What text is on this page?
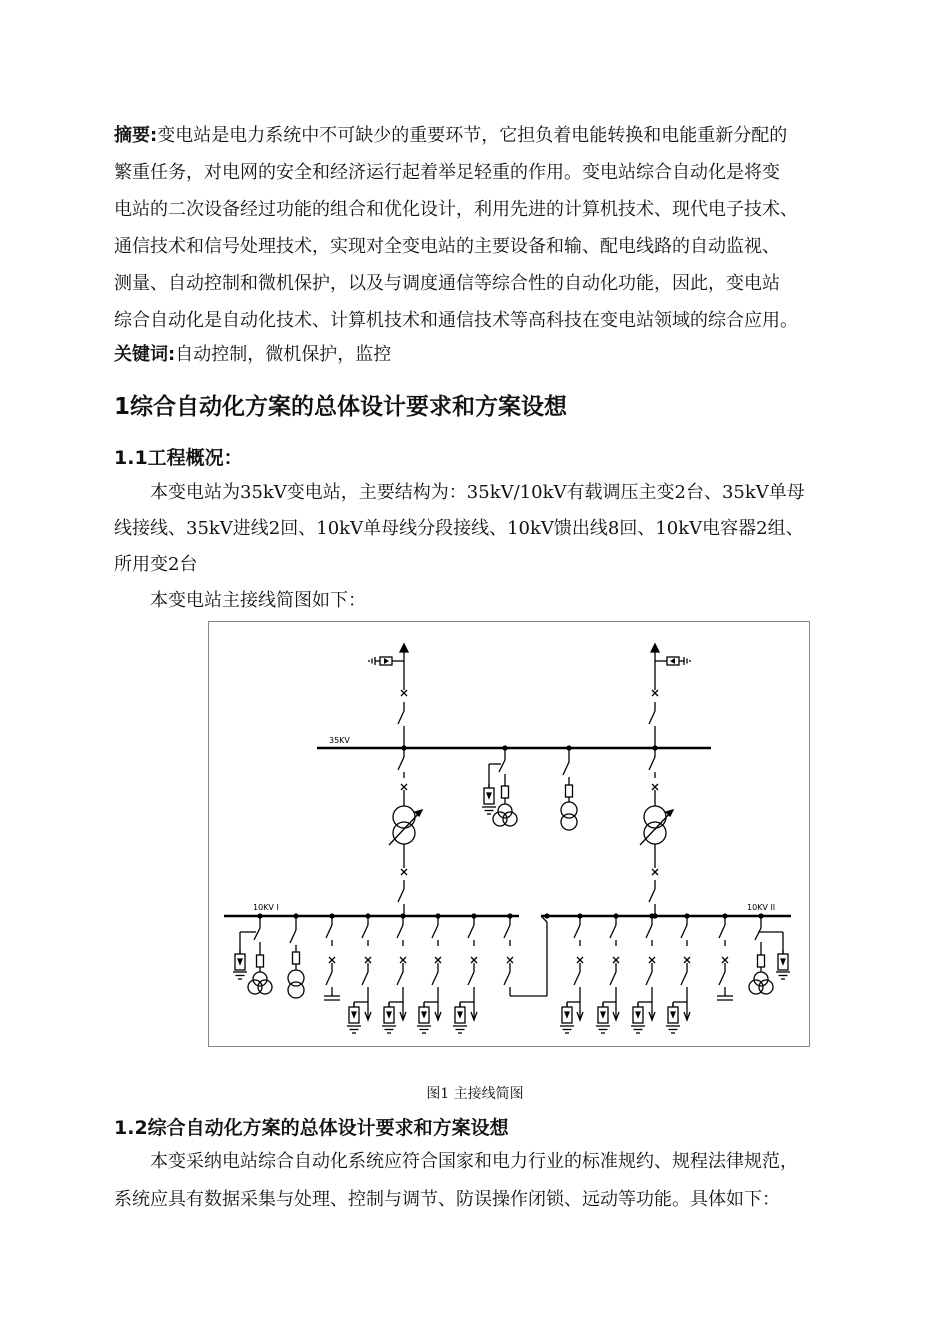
摘要:变电站是电力系统中不可缺少的重要环节，它担负着电能转换和电能重新分配的
繁重任务，对电网的安全和经济运行起着举足轻重的作用。变电站综合自动化是将变
电站的二次设备经过功能的组合和优化设计，利用先进的计算机技术、现代电子技术、
通信技术和信号处理技术，实现对全变电站的主要设备和输、配电线路的自动监视、
测量、自动控制和微机保护，以及与调度通信等综合性的自动化功能，因此，变电站
综合自动化是自动化技术、计算机技术和通信技术等高科技在变电站领域的综合应用。
关键词:自动控制，微机保护，监控
1综合自动化方案的总体设计要求和方案设想
1.1工程概况：
本变电站为35kV变电站，主要结构为：35kV/10kV有载调压主变2台、35kV单母
线接线、35kV进线2回、10kV单母线分段接线、10kV馈出线8回、10kV电容器2组、
所用变2台
本变电站主接线简图如下：
35KV
10KV I	10KV II
图1 主接线简图
1.2综合自动化方案的总体设计要求和方案设想
本变采纳电站综合自动化系统应符合国家和电力行业的标准规约、规程法律规范，
系统应具有数据采集与处理、控制与调节、防误操作闭锁、远动等功能。具体如下：
